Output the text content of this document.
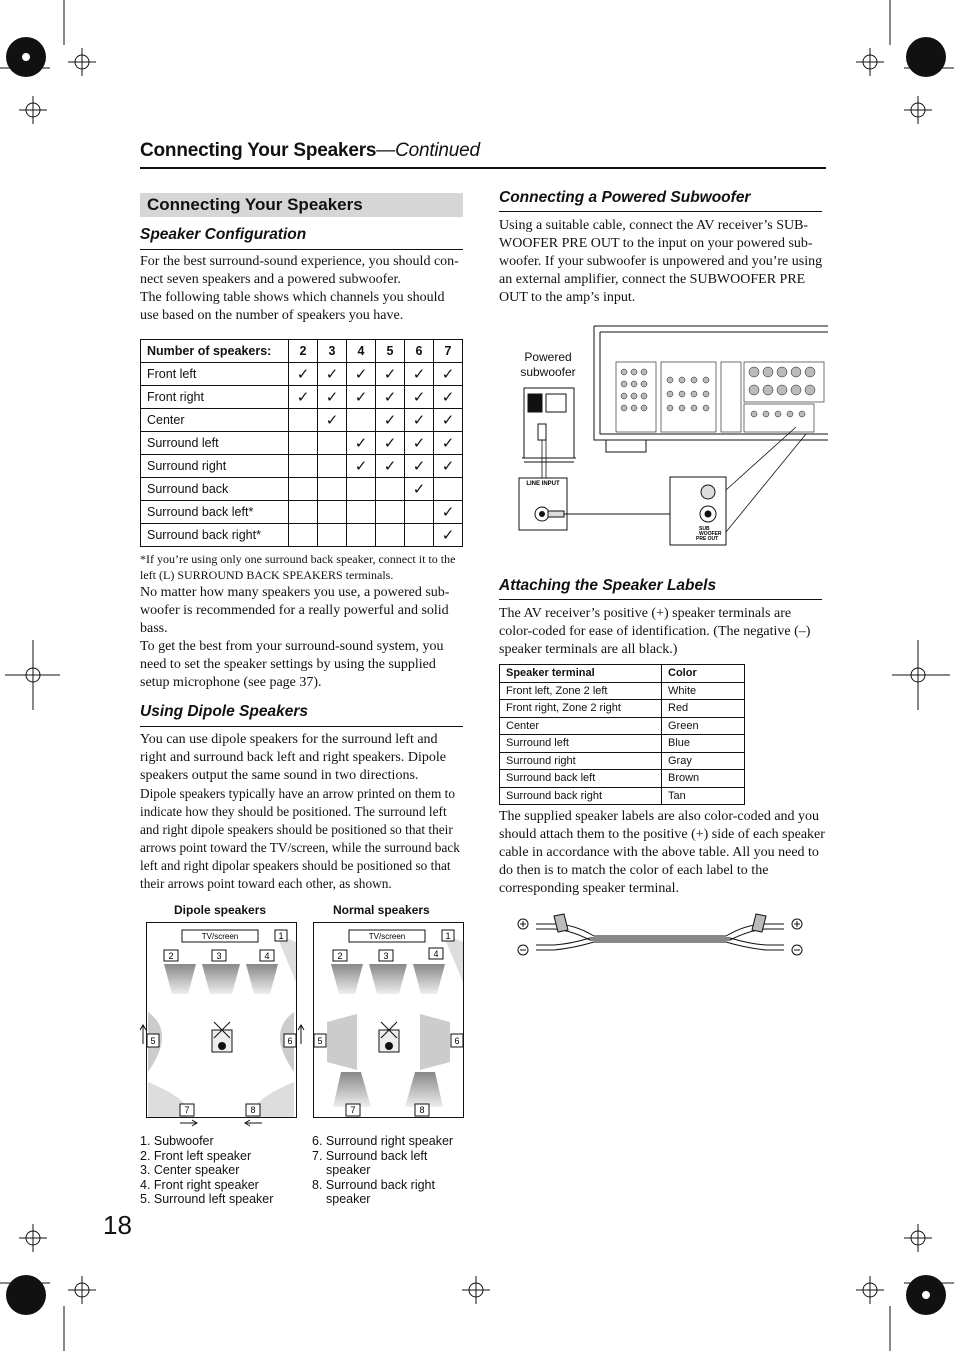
Connecting Your Speakers—Continued
Connecting Your Speakers
Speaker Configuration
For the best surround-sound experience, you should con-nect seven speakers and a powered subwoofer.
The following table shows which channels you should use based on the number of speakers you have.
Number of speakers:	2	3	4	5	6	7
Front left	✓	✓	✓	✓	✓	✓
Front right	✓	✓	✓	✓	✓	✓
Center		✓		✓	✓	✓
Surround left			✓	✓	✓	✓
Surround right			✓	✓	✓	✓
Surround back					✓	
Surround back left*						✓
Surround back right*						✓
*If you’re using only one surround back speaker, connect it to the left (L) SURROUND BACK SPEAKERS terminals.
No matter how many speakers you use, a powered sub-woofer is recommended for a really powerful and solid bass.
To get the best from your surround-sound system, you need to set the speaker settings by using the supplied setup microphone (see page 37).
Using Dipole Speakers
You can use dipole speakers for the surround left and right and surround back left and right speakers. Dipole speakers output the same sound in two directions.
Dipole speakers typically have an arrow printed on them to indicate how they should be positioned. The surround left and right dipole speakers should be positioned so that their arrows point toward the TV/screen, while the surround back left and right dipolar speakers should be positioned so that their arrows point toward each other, as shown.
Dipole speakers	Normal speakers
TV/screen
2	3	4
1
5	6
7	8
TV/screen
2	3	4
1
5	6
7	8
1. Subwoofer
2. Front left speaker
3. Center speaker
4. Front right speaker
5. Surround left speaker
6. Surround right speaker
7. Surround back left
speaker
8. Surround back right
speaker
18
Connecting a Powered Subwoofer
Using a suitable cable, connect the AV receiver’s SUB-WOOFER PRE OUT to the input on your powered sub-woofer. If your subwoofer is unpowered and you’re using an external amplifier, connect the SUBWOOFER PRE OUT to the amp’s input.
Powered
subwoofer
LINE INPUT
SUB
WOOFER
PRE OUT
Attaching the Speaker Labels
The AV receiver’s positive (+) speaker terminals are color-coded for ease of identification. (The negative (–) speaker terminals are all black.)
Speaker terminal	Color
Front left, Zone 2 left	White
Front right, Zone 2 right	Red
Center	Green
Surround left	Blue
Surround right	Gray
Surround back left	Brown
Surround back right	Tan
The supplied speaker labels are also color-coded and you should attach them to the positive (+) side of each speaker cable in accordance with the above table. All you need to do then is to match the color of each label to the corresponding speaker terminal.
